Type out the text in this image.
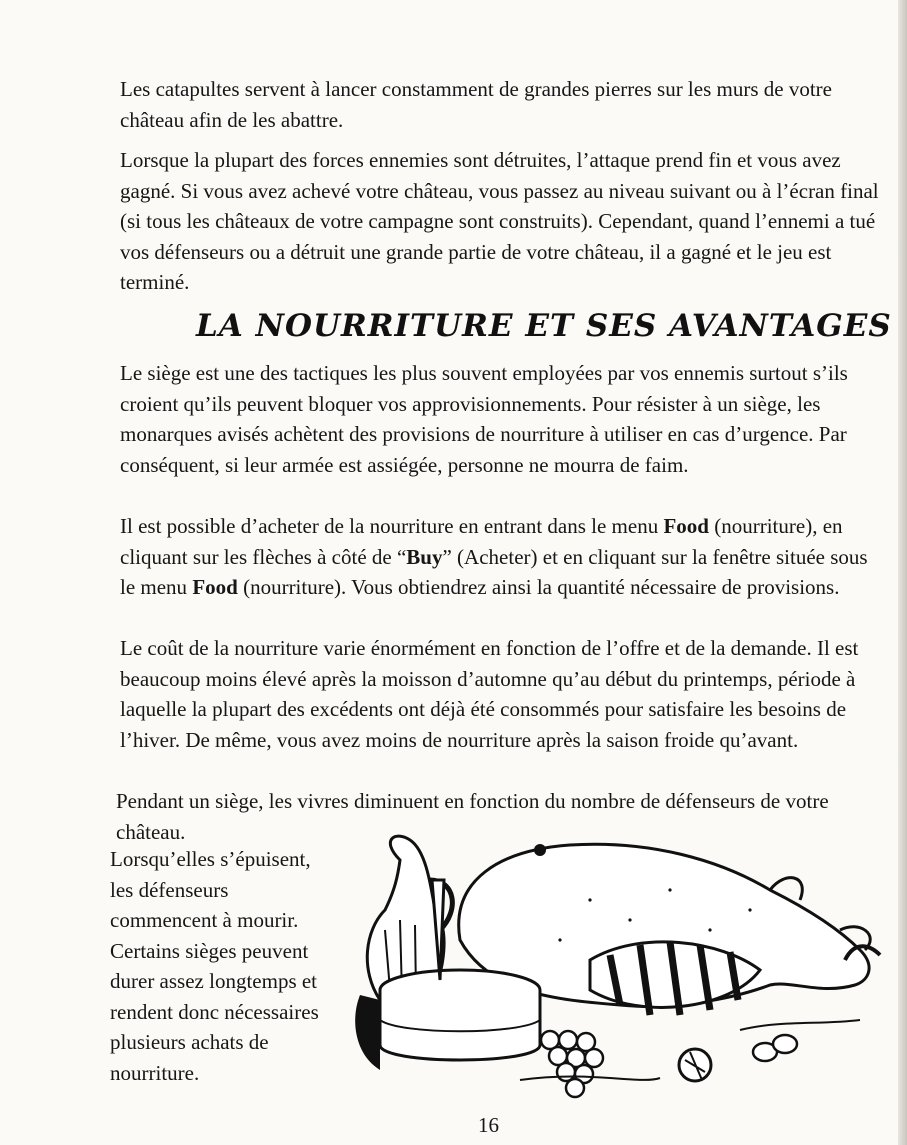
Les catapultes servent à lancer constamment de grandes pierres sur les murs de votre château afin de les abattre.

Lorsque la plupart des forces ennemies sont détruites, l’attaque prend fin et vous avez gagné. Si vous avez achevé votre château, vous passez au niveau suivant ou à l’écran final (si tous les châteaux de votre campagne sont construits). Cependant, quand l’ennemi a tué vos défenseurs ou a détruit une grande partie de votre château, il a gagné et le jeu est terminé.

LA NOURRITURE ET SES AVANTAGES

Le siège est une des tactiques les plus souvent employées par vos ennemis surtout s’ils croient qu’ils peuvent bloquer vos approvisionnements. Pour résister à un siège, les monarques avisés achètent des provisions de nourriture à utiliser en cas d’urgence. Par conséquent, si leur armée est assiégée, personne ne mourra de faim.

Il est possible d’acheter de la nourriture en entrant dans le menu Food (nourriture), en cliquant sur les flèches à côté de “Buy” (Acheter) et en cliquant sur la fenêtre située sous le menu Food (nourriture). Vous obtiendrez ainsi la quantité nécessaire de provisions.

Le coût de la nourriture varie énormément en fonction de l’offre et de la demande. Il est beaucoup moins élevé après la moisson d’automne qu’au début du printemps, période à laquelle la plupart des excédents ont déjà été consommés pour satisfaire les besoins de l’hiver. De même, vous avez moins de nourriture après la saison froide qu’avant.

Pendant un siège, les vivres diminuent en fonction du nombre de défenseurs de votre château.

Lorsqu’elles s’épuisent, les défenseurs commencent à mourir. Certains sièges peuvent durer assez longtemps et rendent donc nécessaires plusieurs achats de nourriture.

16
